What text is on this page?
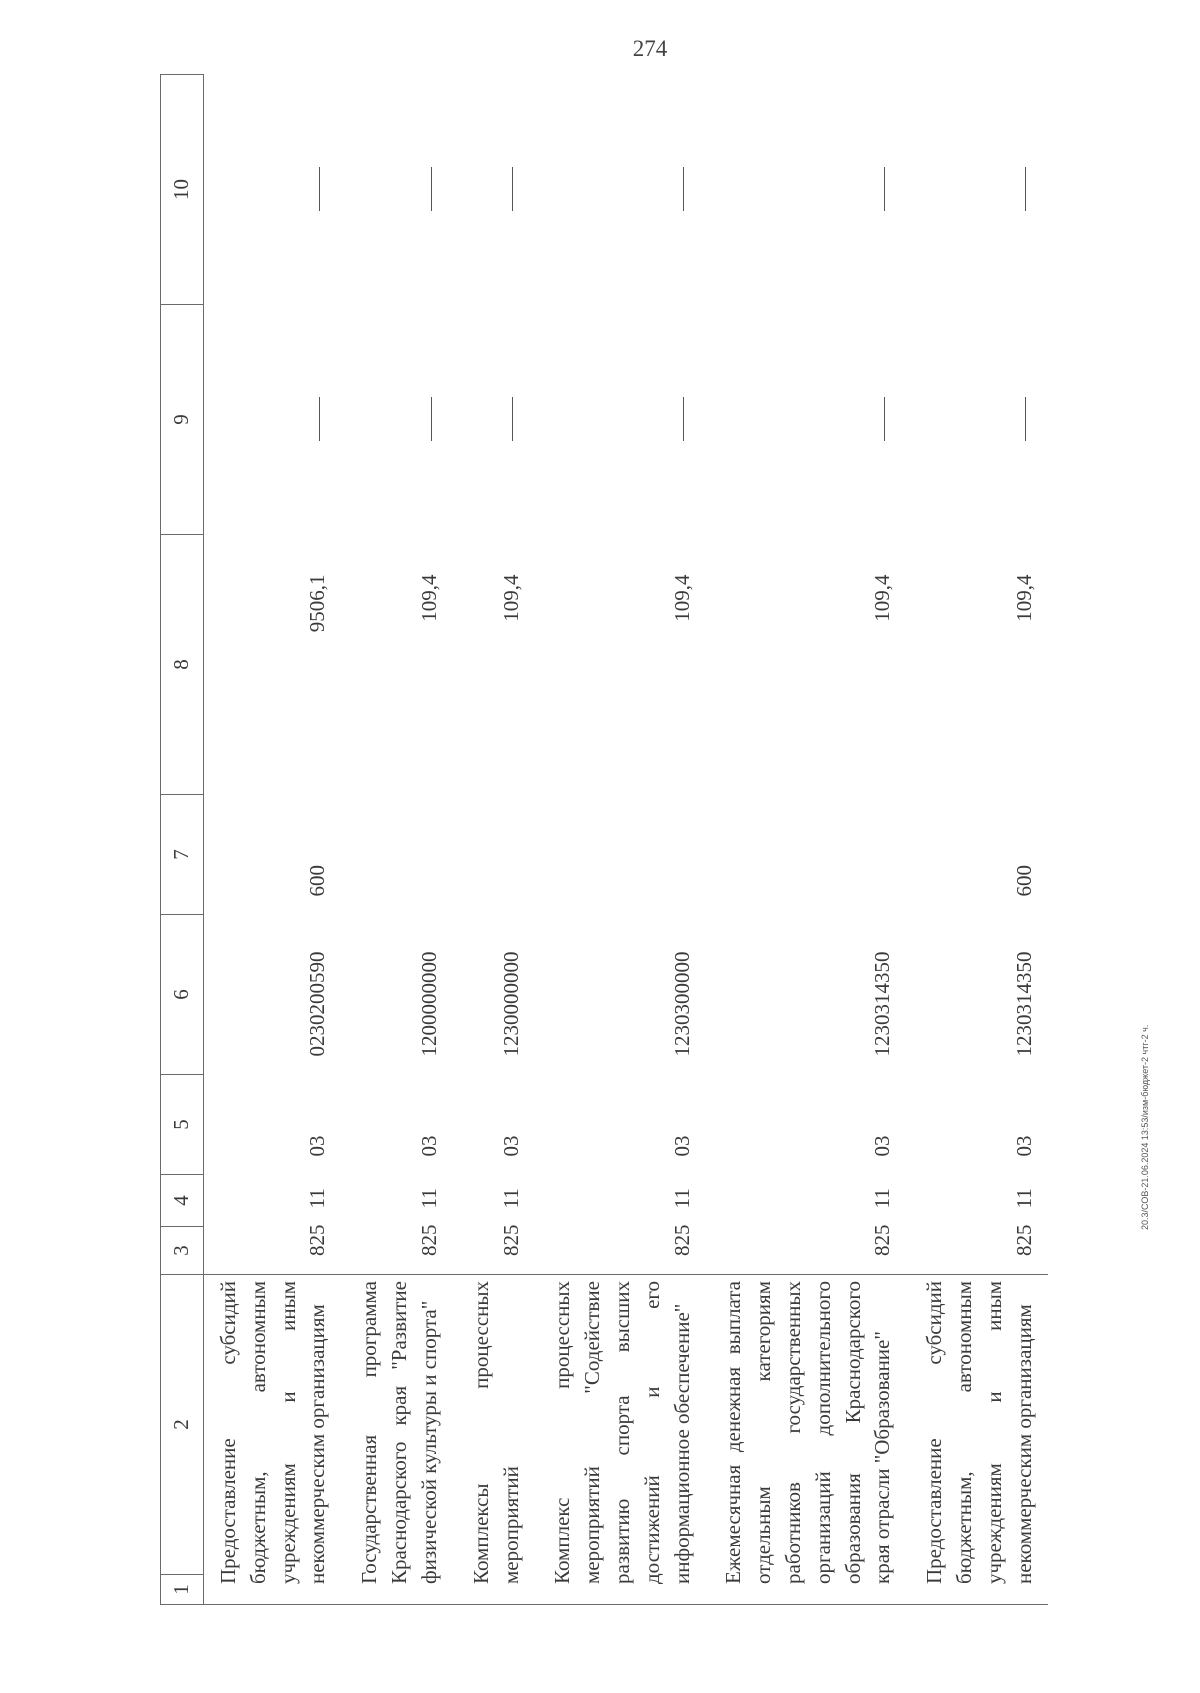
274
20.3/СОВ-21.06.2024 13:53/изм-бюджет-2 чтг-2 ч.
1	2	3	4	5	6	7	8	9	10
Предоставление субсидий бюджетным, автономным учреждениям и иным некоммерческим организациям		825	11	03	0230200590	600	9506,1		
Государственная программа Краснодарского края "Развитие физической культуры и спорта"		825	11	03	1200000000		109,4		
Комплексы процессных мероприятий		825	11	03	1230000000		109,4		
Комплекс процессных мероприятий "Содействие развитию спорта высших достижений и его информационное обеспечение"		825	11	03	1230300000		109,4		
Ежемесячная денежная выплата отдельным категориям работников государственных организаций дополнительного образования Краснодарского края отрасли "Образование"		825	11	03	1230314350		109,4		
Предоставление субсидий бюджетным, автономным учреждениям и иным некоммерческим организациям		825	11	03	1230314350	600	109,4		
